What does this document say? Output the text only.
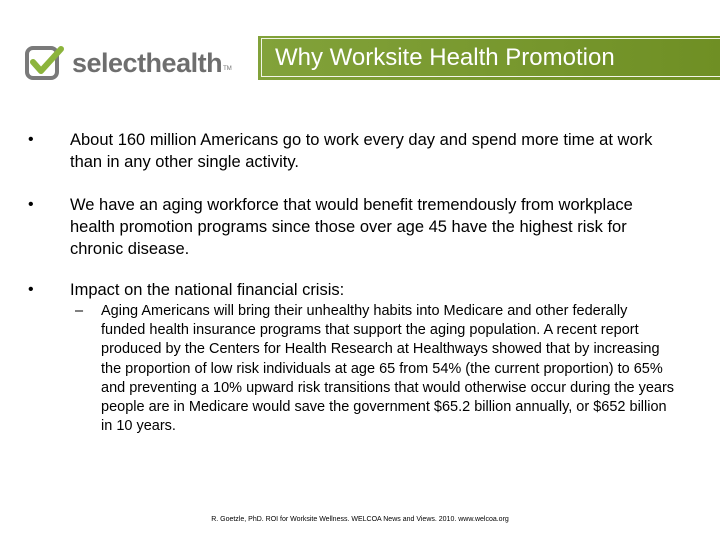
selecthealth TM Why Worksite Health Promotion
•	About 160 million Americans go to work every day and spend more time at work than in any other single activity.
•	We have an aging workforce that would benefit tremendously from workplace health promotion programs since those over age 45 have the highest risk for chronic disease.
•	Impact on the national financial crisis:
–	Aging Americans will bring their unhealthy habits into Medicare and other federally funded health insurance programs that support the aging population. A recent report produced by the Centers for Health Research at Healthways showed that by increasing the proportion of low risk individuals at age 65 from 54% (the current proportion) to 65% and preventing a 10% upward risk transitions that would otherwise occur during the years people are in Medicare would save the government $65.2 billion annually, or $652 billion in 10 years.
R. Goetzle, PhD. ROI for Worksite Wellness. WELCOA News and Views. 2010. www.welcoa.org
